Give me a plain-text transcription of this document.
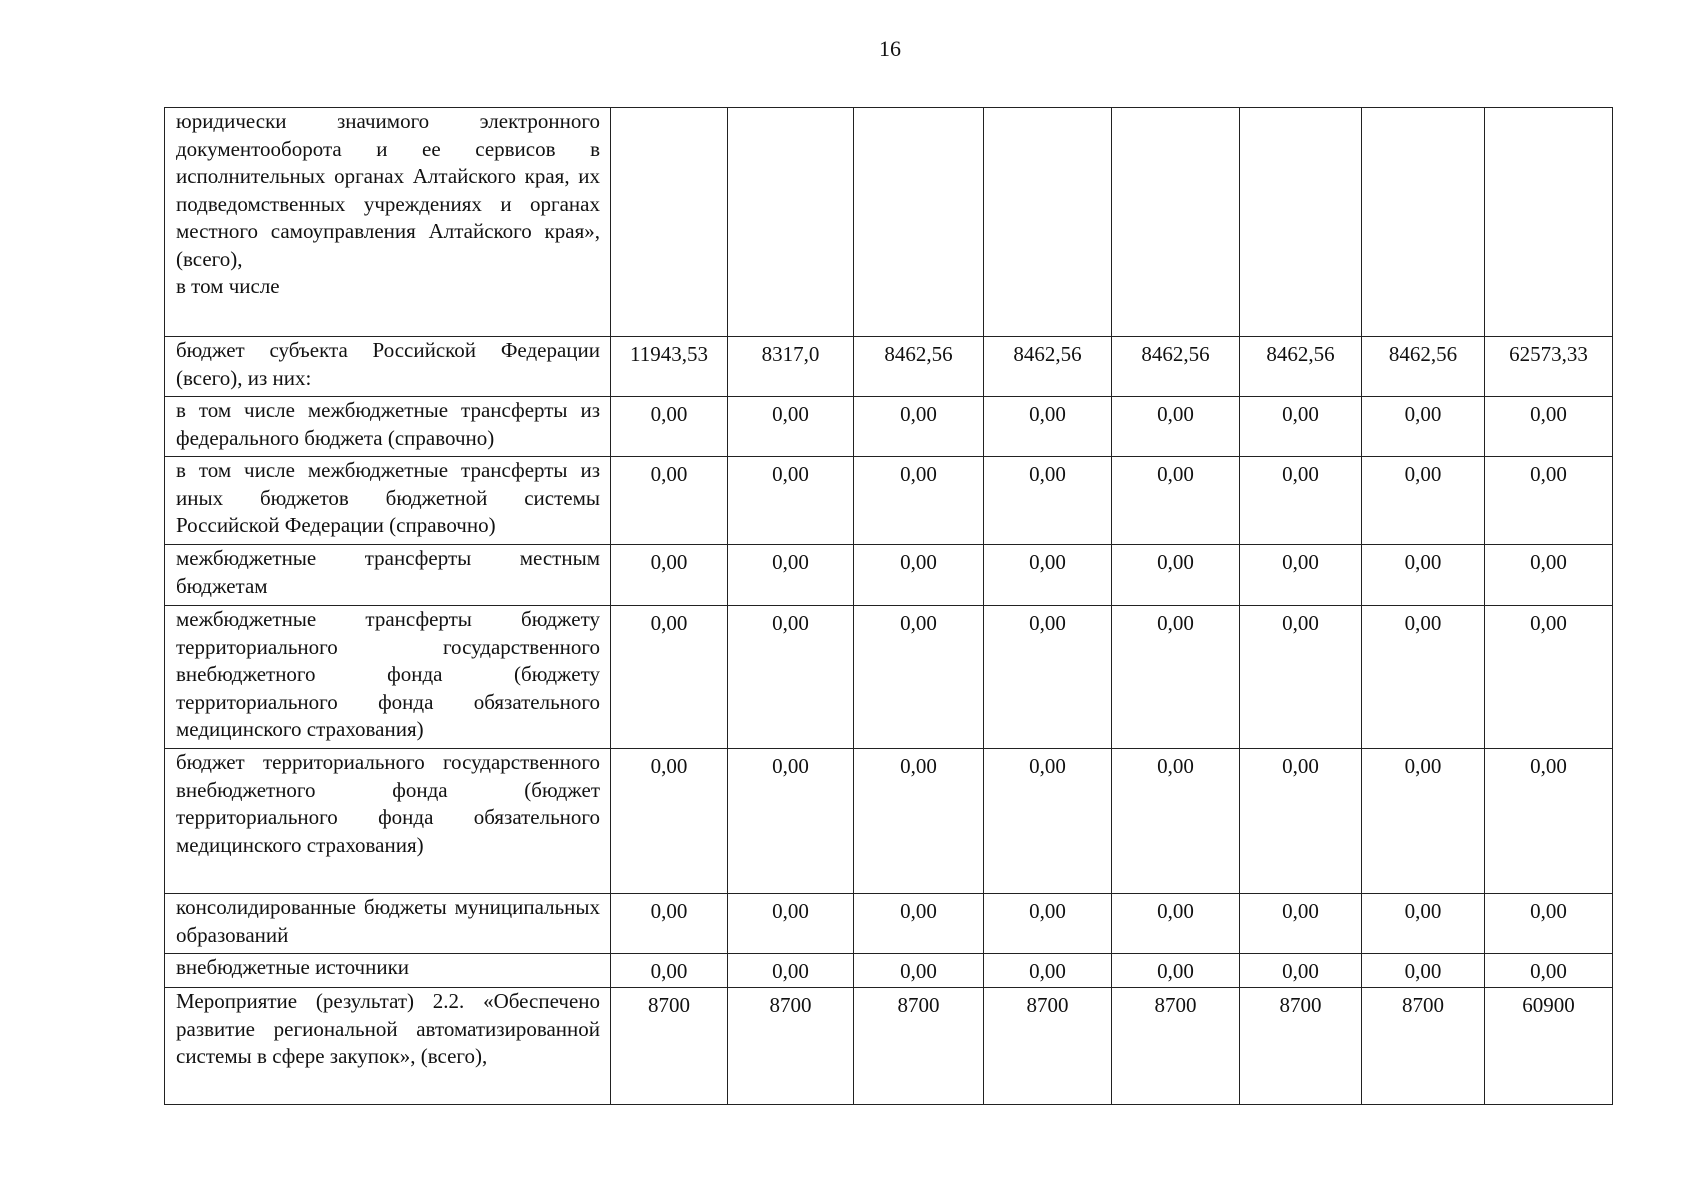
16
юридически значимого электронного документооборота и ее сервисов в исполнительных органах Алтайского края, их подведомственных учреждениях и органах местного самоуправления Алтайского края», (всего),
в том числе								

бюджет субъекта Российской Федерации (всего), из них:	11943,53	8317,0	8462,56	8462,56	8462,56	8462,56	8462,56	62573,33
в том числе межбюджетные трансферты из федерального бюджета (справочно)	0,00	0,00	0,00	0,00	0,00	0,00	0,00	0,00
в том числе межбюджетные трансферты из иных бюджетов бюджетной системы Российской Федерации (справочно)	0,00	0,00	0,00	0,00	0,00	0,00	0,00	0,00
межбюджетные трансферты местным бюджетам	0,00	0,00	0,00	0,00	0,00	0,00	0,00	0,00
межбюджетные трансферты бюджету территориального государственного внебюджетного фонда (бюджету территориального фонда обязательного медицинского страхования)	0,00	0,00	0,00	0,00	0,00	0,00	0,00	0,00
бюджет территориального государственного внебюджетного фонда (бюджет территориального фонда обязательного медицинского страхования)	0,00	0,00	0,00	0,00	0,00	0,00	0,00	0,00
консолидированные бюджеты муниципальных образований	0,00	0,00	0,00	0,00	0,00	0,00	0,00	0,00
внебюджетные источники	0,00	0,00	0,00	0,00	0,00	0,00	0,00	0,00
Мероприятие (результат) 2.2. «Обеспечено развитие региональной автоматизированной системы в сфере закупок», (всего),	8700	8700	8700	8700	8700	8700	8700	60900
